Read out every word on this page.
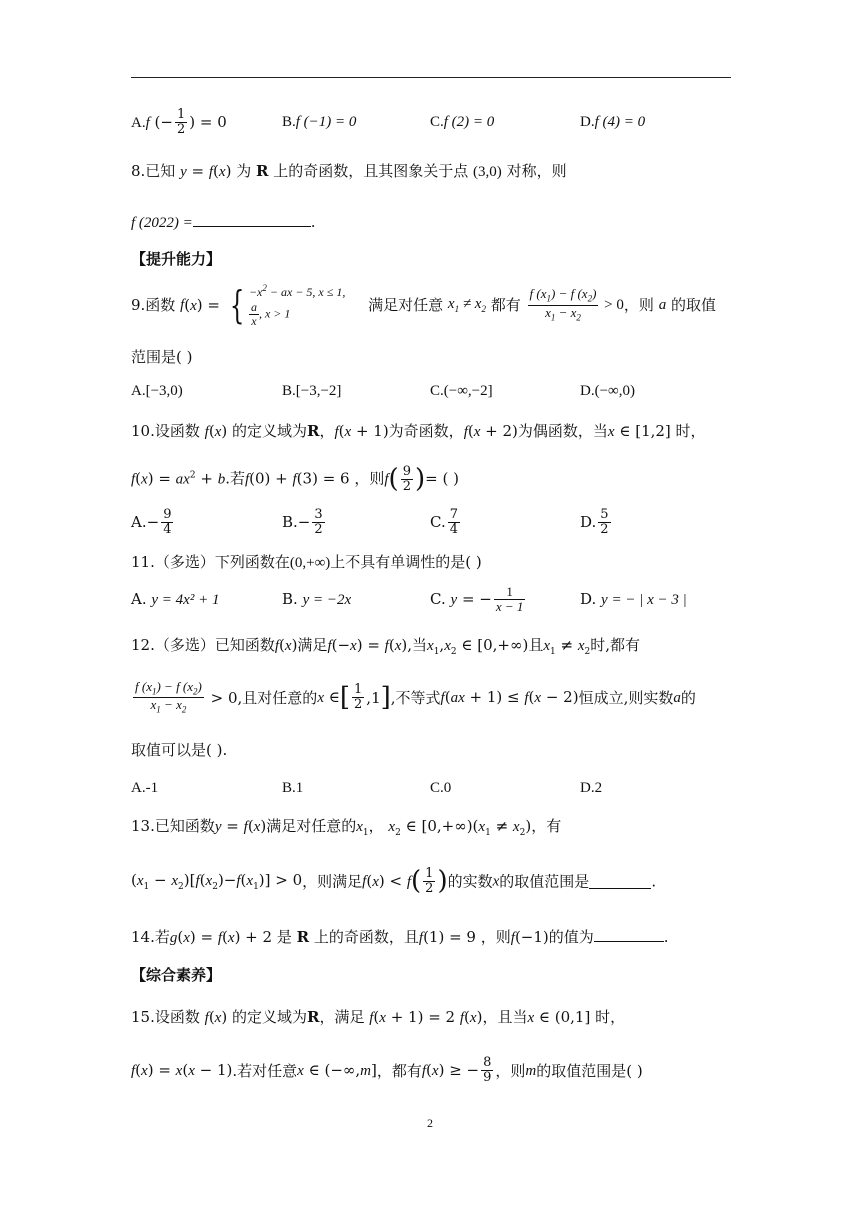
A.f (− $\frac{1}{2}$ ) = 0	B.f (−1) = 0	C.f (2) = 0	D.f (4) = 0
8.已知 y = f(x) 为 R 上的奇函数，且其图象关于点 (3,0) 对称，则
f (2022) =	.
【提升能力】
9.函数 f(x) = { $-x^2$ − ax − 5, x ≤ 1,
$\frac{a}{x}$ , x > 1	满足对任意 $x_1 \ne x_2$ 都有 $\frac{f (x_1) - f (x_2)}{x_1 - x_2} > 0$，则 a 的取值
范围是( )
A.[−3,0)	B.[−3,−2]	C.(−∞,−2]	D.(−∞,0)
10.设函数 f(x) 的定义域为R，f(x + 1)为奇函数，f(x + 2)为偶函数，当x ∈ [1,2] 时，
$f(x) = ax^2 + b$.若f(0) + f(3) = 6 ，则$f( \frac{9}{2}$ )= ( )
$A.- \frac{9}{4}$	$B.- \frac{3}{2}$	C. $\frac{7}{4}$	D. $\frac{5}{2}$
11.（多选）下列函数在(0,+∞)上不具有单调性的是( )
A. y = 4x² + 1	B. y = −2x	C. y = − $\frac{1}{x - 1}$	D. y = − | x − 3 |
12.（多选）已知函数f(x)满足f(−x) = f(x),当$x_1,x_2$ ∈ [0,+∞)且$x_1 \ne x_2$时,都有
$\frac{f (x_1) - f (x_2)}{x_1 - x_2} > 0$,且对任意的x ∈[ $\frac{1}{2} ,1$],不等式f(ax + 1) ≤ f(x − 2)恒成立,则实数a的
取值可以是( ).
A.-1	B.1	C.0	D.2
13.已知函数y = f(x)满足对任意的$x_1$， $x_2$ ∈ $[0,+\infty)(x_1 \ne x_2)$，有
$(x_1 - x_2)[f(x_2)-f(x_1)] > 0$，则满足$f(x) < f( \frac{1}{2}$ )的实数x的取值范围是	.
14.若g(x) = f(x) + 2 是 R 上的奇函数，且f(1) = 9 ，则f(−1)的值为	.
【综合素养】
15.设函数 f(x) 的定义域为R，满足 f(x + 1) = 2 f(x)，且当x ∈ (0,1] 时，
f(x) = x(x − 1).若对任意x ∈ (−∞,m]，都有f(x) ≥ − $\frac{8}{9}$ ，则m的取值范围是( )
2
